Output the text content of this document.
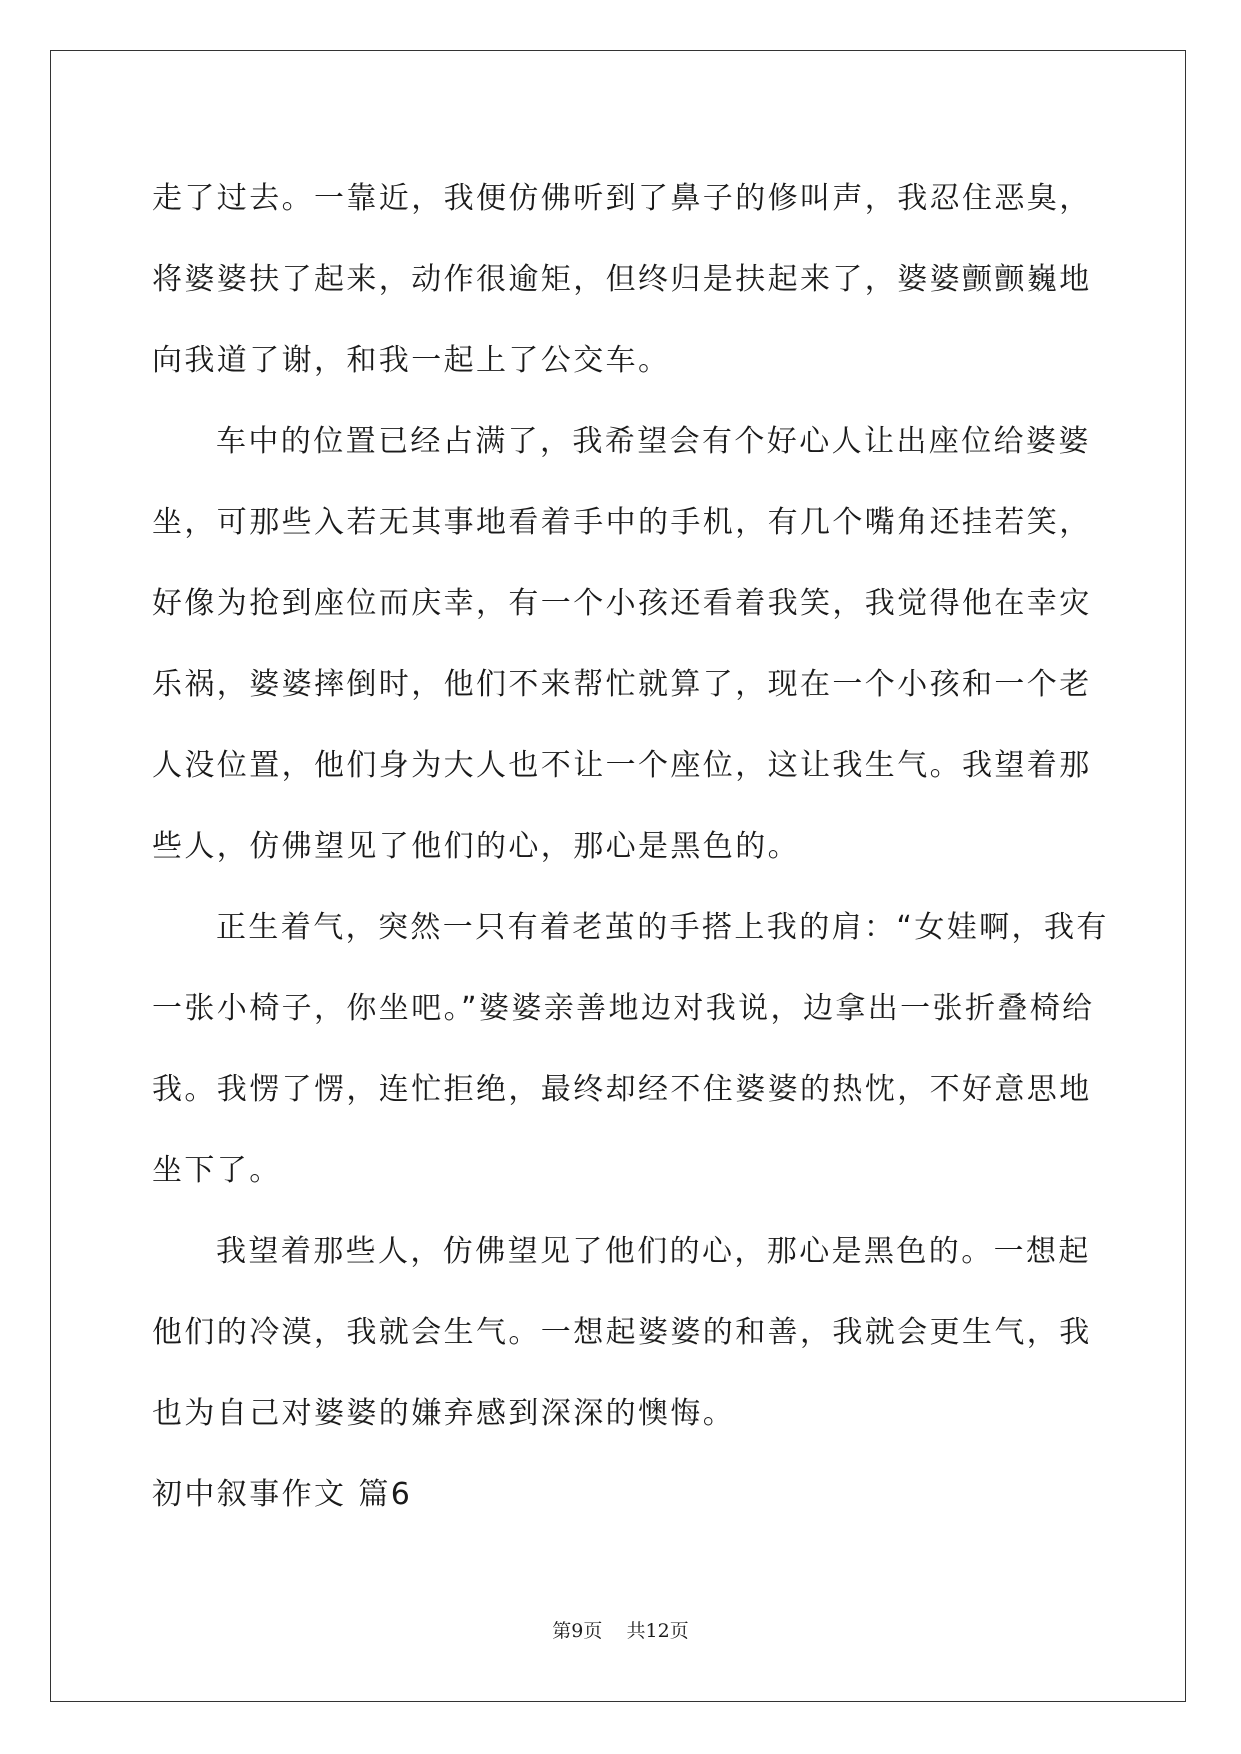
走了过去。一靠近，我便仿佛听到了鼻子的修叫声，我忍住恶臭，将婆婆扶了起来，动作很逾矩，但终归是扶起来了，婆婆颤颤巍地向我道了谢，和我一起上了公交车。

车中的位置已经占满了，我希望会有个好心人让出座位给婆婆坐，可那些入若无其事地看着手中的手机，有几个嘴角还挂若笑，好像为抢到座位而庆幸，有一个小孩还看着我笑，我觉得他在幸灾乐祸，婆婆摔倒时，他们不来帮忙就算了，现在一个小孩和一个老人没位置，他们身为大人也不让一个座位，这让我生气。我望着那些人，仿佛望见了他们的心，那心是黑色的。

正生着气，突然一只有着老茧的手搭上我的肩：“女娃啊，我有一张小椅子，你坐吧。”婆婆亲善地边对我说，边拿出一张折叠椅给我。我愣了愣，连忙拒绝，最终却经不住婆婆的热忱，不好意思地坐下了。

我望着那些人，仿佛望见了他们的心，那心是黑色的。一想起他们的冷漠，我就会生气。一想起婆婆的和善，我就会更生气，我也为自己对婆婆的嫌弃感到深深的懊悔。

初中叙事作文 篇6

第9页    共12页
